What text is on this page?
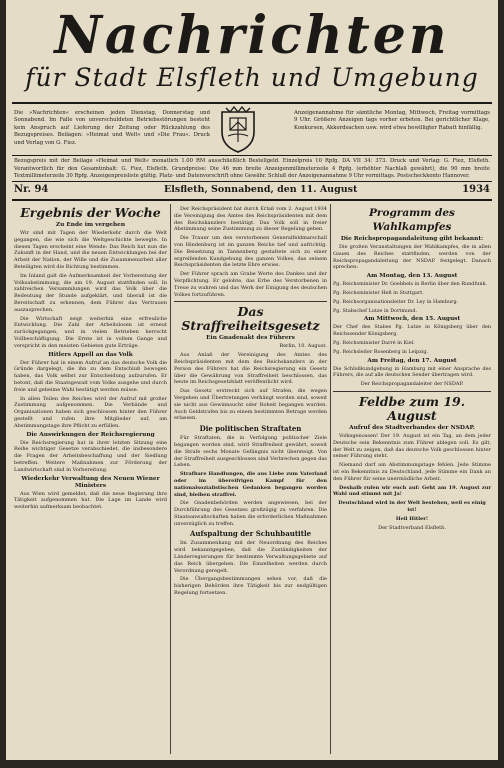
Nachrichten
für Stadt Elsfleth und Umgebung
Die »Nachrichten« erscheinen jeden Dienstag, Donnerstag und Sonnabend. Im Falle von unverschuldeten Betriebsstörungen besteht kein Anspruch auf Lieferung der Zeitung oder Rückzahlung des Bezugspreises. Beilagen: »Heimat und Welt« und »Die Frau«. Druck und Verlag von G. Fiez.
Anzeigenannahme für sämtliche Montag, Mittwoch, Freitag vormittags 9 Uhr. Größere Anzeigen tags vorher erbeten. Bei gerichtlicher Klage, Konkursen, Akkordsachen usw. wird etwa bewilligter Rabatt hinfällig.
Bezugspreis mit der Beilage »Heimat und Welt« monatlich 1.00 RM ausschließlich Bestellgeld. Einzelpreis 10 Rpfg. DA VII 34: 373. Druck und Verlag: G. Fiez, Elsfleth. Verantwortlich für den Gesamtinhalt: G. Fiez, Elsfleth. Grundpreise: Die 46 mm breite Anzeigenmillimeterzeile 4 Rpfg. (erhöhter Nachlaß gewährt), die 90 mm breite Textmillimeterzeile 30 Rpfg. Anzeigenpreisliste gültig. Platz- und Datenvorschrift ohne Gewähr. Schluß der Anzeigenannahme 9 Uhr vormittags. Postscheckkonto Hannover.
Nr. 94	Elsfleth, Sonnabend, den 11. August	1934
Ergebnis der Woche
Zu Ende im vergehen

Wir sind mit Tagen der Wiederkehr durch die Welt gegangen, die wie sich die Weltgeschichte bewegte. In diesen Tagen erscheint eine Wende: Das Reich hat nun die Zukunft in der Hand, und die neuen Entwicklungen bei der Arbeit der Nation, der Wille und die Zusammenarbeit aller Beteiligten wird die Richtung bestimmen.

Im Inland galt die Aufmerksamkeit der Vorbereitung der Volksabstimmung, die am 19. August stattfinden soll. In zahlreichen Versammlungen wird das Volk über die Bedeutung der Stunde aufgeklärt, und überall ist die Bereitschaft zu erkennen, dem Führer das Vertrauen auszusprechen.

Die Wirtschaft zeigt weiterhin eine erfreuliche Entwicklung. Die Zahl der Arbeitslosen ist erneut zurückgegangen, und in vielen Betrieben herrscht Vollbeschäftigung. Die Ernte ist in vollem Gange und verspricht in den meisten Gebieten gute Erträge.

Hitlers Appell an das Volk

Der Führer hat in einem Aufruf an das deutsche Volk die Gründe dargelegt, die ihn zu dem Entschluß bewogen haben, das Volk selbst zur Entscheidung aufzurufen. Er betont, daß die Staatsgewalt vom Volke ausgehe und durch freie und geheime Wahl bestätigt werden müsse.

In allen Teilen des Reiches wird der Aufruf mit großer Zustimmung aufgenommen. Die Verbände und Organisationen haben sich geschlossen hinter den Führer gestellt und rufen ihre Mitglieder auf, am Abstimmungstage ihre Pflicht zu erfüllen.

Die Auswirkungen der Reichsregierung

Die Reichsregierung hat in ihrer letzten Sitzung eine Reihe wichtiger Gesetze verabschiedet, die insbesondere die Fragen der Arbeitsbeschaffung und der Siedlung betreffen. Weitere Maßnahmen zur Förderung der Landwirtschaft sind in Vorbereitung.

Wiederkehr Verwaltung des Neuen Wiener Ministers

Aus Wien wird gemeldet, daß die neue Regierung ihre Tätigkeit aufgenommen hat. Die Lage im Lande wird weiterhin aufmerksam beobachtet.

Der Reichspräsident hat durch Erlaß vom 2. August 1934 die Vereinigung des Amtes des Reichspräsidenten mit dem des Reichskanzlers bestätigt. Das Volk soll in freier Abstimmung seine Zustimmung zu dieser Regelung geben.

Die Trauer um den verstorbenen Generalfeldmarschall von Hindenburg ist im ganzen Reiche tief und aufrichtig. Die Beisetzung in Tannenberg gestaltete sich zu einer ergreifenden Kundgebung des ganzen Volkes, das seinem Reichspräsidenten die letzte Ehre erwies.

Der Führer sprach am Grabe Worte des Dankes und der Verpflichtung. Er gelobte, das Erbe des Verstorbenen in Treue zu wahren und das Werk der Einigung des deutschen Volkes fortzuführen.

Das Straffreiheitsgesetz
Ein Gnadenakt des Führers

Berlin, 10. August.

Aus Anlaß der Vereinigung des Amtes des Reichspräsidenten mit dem des Reichskanzlers in der Person des Führers hat die Reichsregierung ein Gesetz über die Gewährung von Straffreiheit beschlossen, das heute im Reichsgesetzblatt veröffentlicht wird.

Das Gesetz erstreckt sich auf Strafen, die wegen Vergehen und Übertretungen verhängt worden sind, soweit sie nicht aus Gewinnsucht oder Roheit begangen wurden. Auch Geldstrafen bis zu einem bestimmten Betrage werden erlassen.

Die politischen Straftaten

Für Straftaten, die in Verfolgung politischer Ziele begangen worden sind, wird Straffreiheit gewährt, soweit die Strafe sechs Monate Gefängnis nicht übersteigt. Von der Straffreiheit ausgeschlossen sind Verbrechen gegen das Leben.

Strafbare Handlungen, die aus Liebe zum Vaterland oder im übereifrigen Kampf für den nationalsozialistischen Gedanken begangen worden sind, bleiben straffrei.

Die Gnadenbehörden werden angewiesen, bei der Durchführung des Gesetzes großzügig zu verfahren. Die Staatsanwaltschaften haben die erforderlichen Maßnahmen unverzüglich zu treffen.

Aufspaltung der Schuhbautitle

Im Zusammenhang mit der Neuordnung des Reiches wird bekanntgegeben, daß die Zuständigkeiten der Länderregierungen für bestimmte Verwaltungsgebiete auf das Reich übergehen. Die Einzelheiten werden durch Verordnung geregelt.

Die Übergangsbestimmungen sehen vor, daß die bisherigen Behörden ihre Tätigkeit bis zur endgültigen Regelung fortsetzen.

Programm des Wahlkampfes
Die Reichspropagandaleitung gibt bekannt:

Die großen Veranstaltungen der Wahlkampfes, die in allen Gauen des Reiches stattfinden, werden von der Reichspropagandaleitung der NSDAP. festgelegt. Danach sprechen:

Am Montag, den 13. August

Pg. Reichsminister Dr. Goebbels in Berlin über den Rundfunk.

Pg. Reichsminister Heß in Stuttgart.

Pg. Reichsorganisationsleiter Dr. Ley in Hamburg.

Pg. Stabschef Lutze in Dortmund.

Am Mittwoch, den 15. August

Der Chef des Stabes Pg. Lutze in Königsberg über den Reichssender Königsberg.

Pg. Reichsminister Darré in Kiel.

Pg. Reichsleiter Rosenberg in Leipzig.

Am Freitag, den 17. August

Die Schlußkundgebung in Hamburg mit einer Ansprache des Führers, die auf alle deutschen Sender übertragen wird.

Der Reichspropagandaleiter der NSDAP.

Feldbe zum 19. August
Aufruf des Stadtverbandes der NSDAP.

Volksgenossen! Der 19. August ist ein Tag, an dem jeder Deutsche sein Bekenntnis zum Führer ablegen soll. Es gilt, der Welt zu zeigen, daß das deutsche Volk geschlossen hinter seiner Führung steht.

Niemand darf am Abstimmungstage fehlen. Jede Stimme ist ein Bekenntnis zu Deutschland, jede Stimme ein Dank an den Führer für seine unermüdliche Arbeit.

Deshalb rufen wir euch auf: Geht am 19. August zur Wahl und stimmt mit Ja!

Deutschland wird in der Welt bestehen, weil es einig ist!

Heil Hitler!

Der Stadtverband Elsfleth.
